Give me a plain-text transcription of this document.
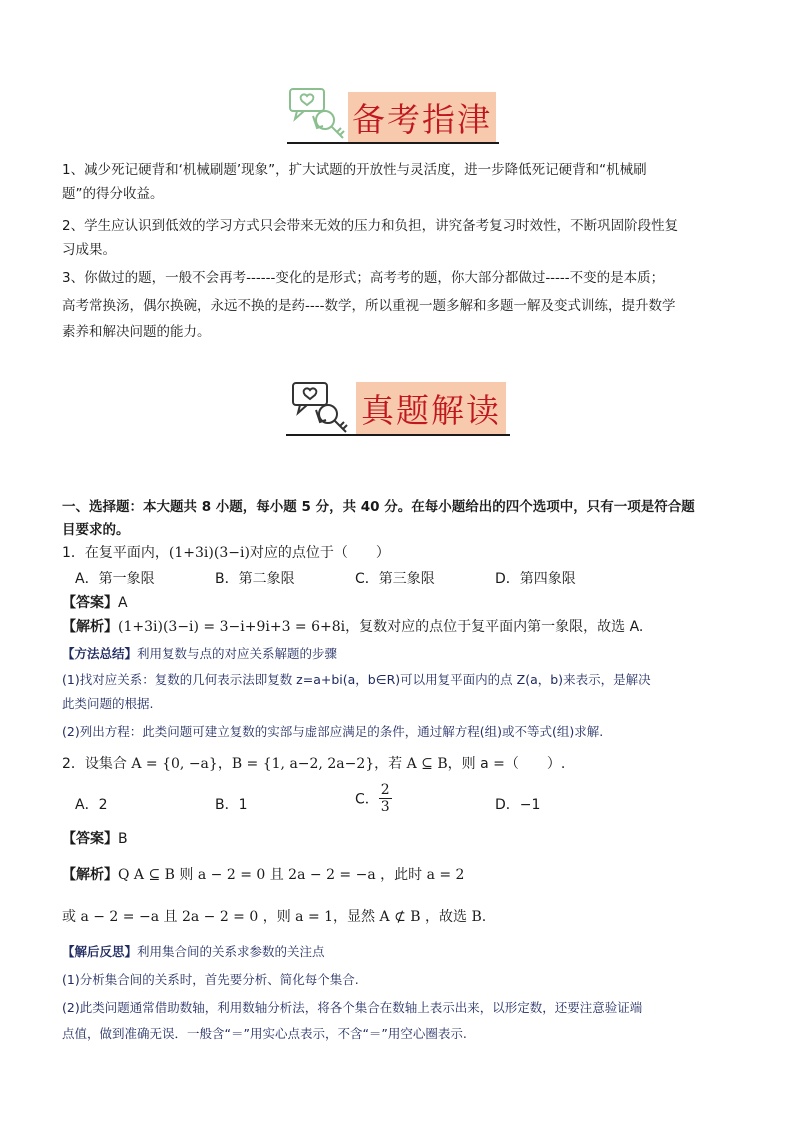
备考指津
1、减少死记硬背和‘机械刷题’现象”，扩大试题的开放性与灵活度，进一步降低死记硬背和“机械刷
题”的得分收益。
2、学生应认识到低效的学习方式只会带来无效的压力和负担，讲究备考复习时效性，不断巩固阶段性复
习成果。
3、你做过的题，一般不会再考------变化的是形式；高考考的题，你大部分都做过-----不变的是本质；
高考常换汤，偶尔换碗，永远不换的是药----数学，所以重视一题多解和多题一解及变式训练，提升数学
素养和解决问题的能力。
真题解读
一、选择题：本大题共 8 小题，每小题 5 分，共 40 分。在每小题给出的四个选项中，只有一项是符合题
目要求的。
1．在复平面内，(1+3i)(3−i)对应的点位于（　　）
A．第一象限	B．第二象限	C．第三象限	D．第四象限
【答案】A
【解析】(1+3i)(3−i) = 3−i+9i+3 = 6+8i，复数对应的点位于复平面内第一象限，故选 A.
【方法总结】利用复数与点的对应关系解题的步骤
(1)找对应关系：复数的几何表示法即复数 z=a+bi(a，b∈R)可以用复平面内的点 Z(a，b)来表示，是解决
此类问题的根据.
(2)列出方程：此类问题可建立复数的实部与虚部应满足的条件，通过解方程(组)或不等式(组)求解.
2．设集合 A = {0, −a}，B = {1, a−2, 2a−2}，若 A ⊆ B，则 a =（　　）.
A．2	B．1	C． $\frac{2}{3}$	D．−1
【答案】B
【解析】Q A ⊆ B 则 a − 2 = 0 且 2a − 2 = −a ，此时 a = 2
或 a − 2 = −a 且 2a − 2 = 0 ，则 a = 1，显然 A ⊄ B ，故选 B.
【解后反思】利用集合间的关系求参数的关注点
(1)分析集合间的关系时，首先要分析、简化每个集合.
(2)此类问题通常借助数轴，利用数轴分析法，将各个集合在数轴上表示出来，以形定数，还要注意验证端
点值，做到准确无误．一般含“＝”用实心点表示，不含“＝”用空心圈表示.
